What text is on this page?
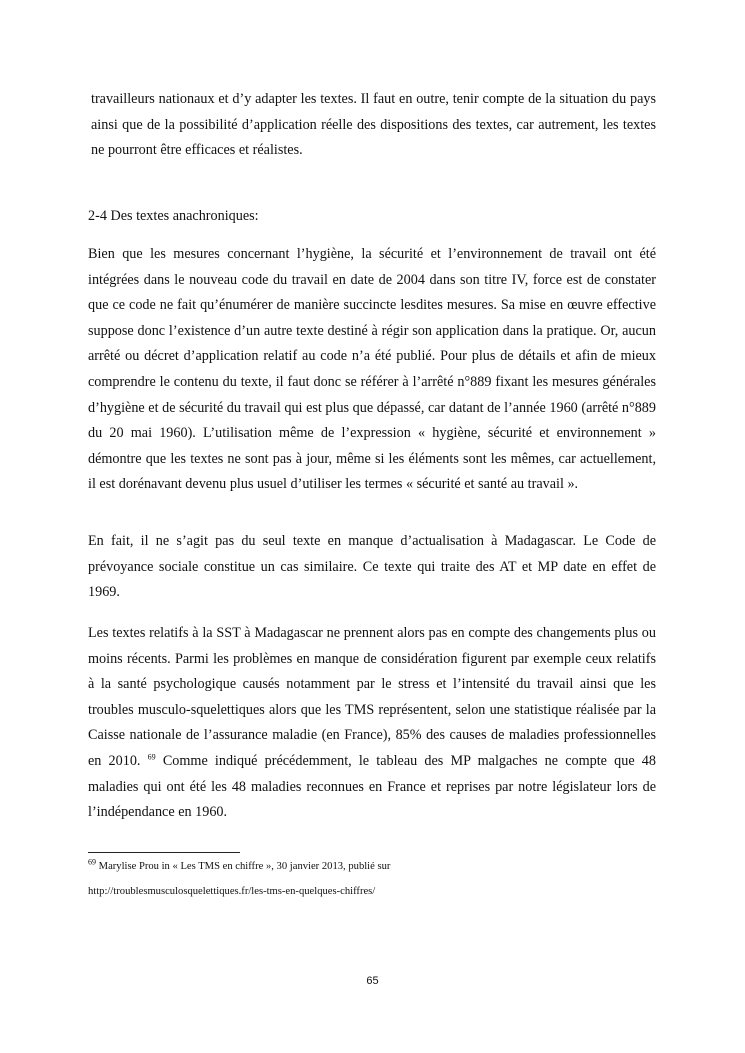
travailleurs nationaux et d’y adapter les textes. Il faut en outre, tenir compte de la situation du pays ainsi que de la possibilité d’application réelle des dispositions des textes, car autrement, les textes ne pourront être efficaces et réalistes.

2-4 Des textes anachroniques:

Bien que les mesures concernant l’hygiène, la sécurité et l’environnement de travail ont été intégrées dans le nouveau code du travail en date de 2004 dans son titre IV, force est de constater que ce code ne fait qu’énumérer de manière succincte lesdites mesures. Sa mise en œuvre effective suppose donc l’existence d’un autre texte destiné à régir son application dans la pratique. Or, aucun arrêté ou décret d’application relatif au code n’a été publié. Pour plus de détails et afin de mieux comprendre le contenu du texte, il faut donc se référer à l’arrêté n°889 fixant les mesures générales d’hygiène et de sécurité du travail qui est plus que dépassé, car datant de l’année 1960 (arrêté n°889 du 20 mai 1960). L’utilisation même de l’expression « hygiène, sécurité et environnement » démontre que les textes ne sont pas à jour, même si les éléments sont les mêmes, car actuellement, il est dorénavant devenu plus usuel d’utiliser les termes « sécurité et santé au travail ».

En fait, il ne s’agit pas du seul texte en manque d’actualisation à Madagascar. Le Code de prévoyance sociale constitue un cas similaire. Ce texte qui traite des AT et MP date en effet de 1969.

Les textes relatifs à la SST à Madagascar ne prennent alors pas en compte des changements plus ou moins récents. Parmi les problèmes en manque de considération figurent par exemple ceux relatifs à la santé psychologique causés notamment par le stress et l’intensité du travail ainsi que les troubles musculo-squelettiques alors que les TMS représentent, selon une statistique réalisée par la Caisse nationale de l’assurance maladie (en France), 85% des causes de maladies professionnelles en 2010. $^{69}$ Comme indiqué précédemment, le tableau des MP malgaches ne compte que 48 maladies qui ont été les 48 maladies reconnues en France et reprises par notre législateur lors de l’indépendance en 1960.

$^{69}$ Marylise Prou in « Les TMS en chiffre », 30 janvier 2013, publié sur
http://troublesmusculosquelettiques.fr/les-tms-en-quelques-chiffres/

65
